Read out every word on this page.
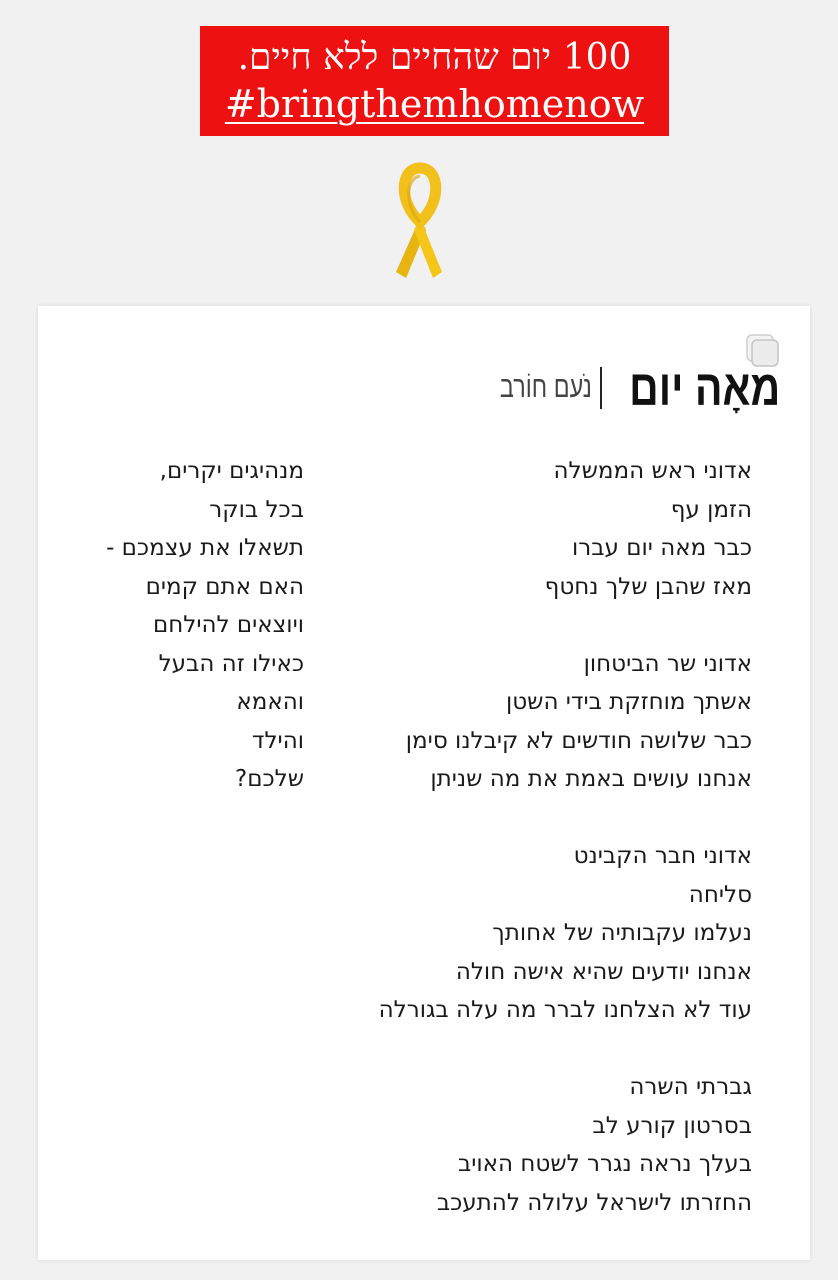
100 יום שהחיים ללא חיים.
#bringthemhomenow
מאָה יום
נֹעם חוֹרב
אדוני ראש הממשלה
הזמן עף
כבר מאה יום עברו
מאז שהבן שלך נחטף
אדוני שר הביטחון
אשתך מוחזקת בידי השטן
כבר שלושה חודשים לא קיבלנו סימן
אנחנו עושים באמת את מה שניתן
אדוני חבר הקבינט
סליחה
נעלמו עקבותיה של אחותך
אנחנו יודעים שהיא אישה חולה
עוד לא הצלחנו לברר מה עלה בגורלה
גברתי השרה
בסרטון קורע לב
בעלך נראה נגרר לשטח האויב
החזרתו לישראל עלולה להתעכב
מנהיגים יקרים,
בכל בוקר
תשאלו את עצמכם -
האם אתם קמים
ויוצאים להילחם
כאילו זה הבעל
והאמא
והילד
שלכם?
